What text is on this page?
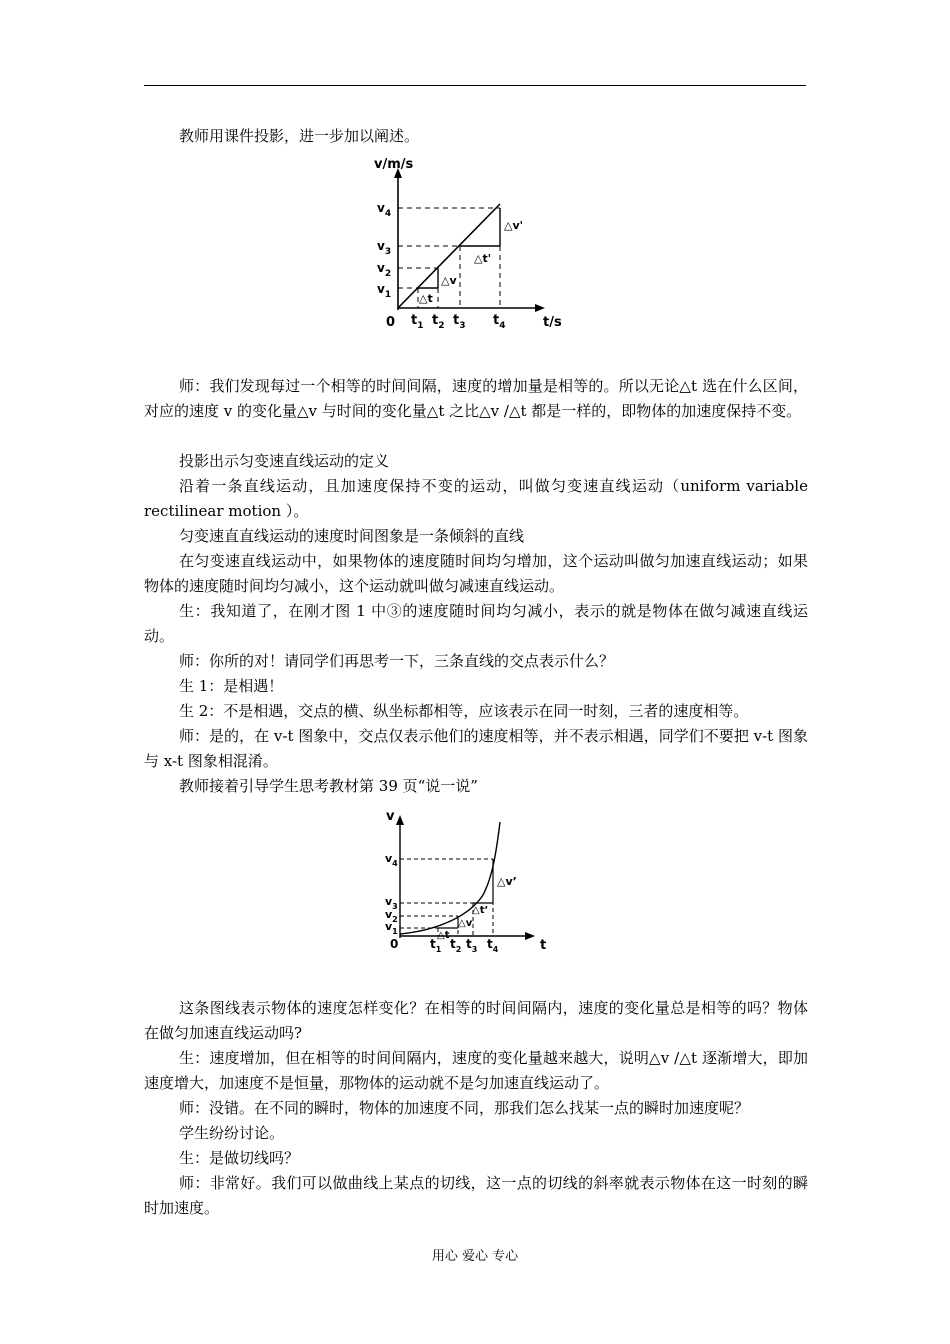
教师用课件投影，进一步加以阐述。

v/m/s
t/s
0
$v_4$
$v_3$
$v_2$
$v_1$
$t_1$ $t_2$ $t_3$ $t_4$
△t
△v
△t'
△v'

师：我们发现每过一个相等的时间间隔，速度的增加量是相等的。所以无论△t 选在什么区间，对应的速度 v 的变化量△v 与时间的变化量△t 之比△v /△t 都是一样的，即物体的加速度保持不变。

投影出示匀变速直线运动的定义

沿着一条直线运动，且加速度保持不变的运动，叫做匀变速直线运动（uniform variable rectilinear motion ）。

匀变速直直线运动的速度时间图象是一条倾斜的直线

在匀变速直线运动中，如果物体的速度随时间均匀增加，这个运动叫做匀加速直线运动；如果物体的速度随时间均匀减小，这个运动就叫做匀减速直线运动。

生：我知道了，在刚才图 1 中③的速度随时间均匀减小，表示的就是物体在做匀减速直线运动。

师：你所的对！请同学们再思考一下，三条直线的交点表示什么？

生 1：是相遇！

生 2：不是相遇，交点的横、纵坐标都相等，应该表示在同一时刻，三者的速度相等。

师：是的，在 v-t 图象中，交点仅表示他们的速度相等，并不表示相遇，同学们不要把 v-t 图象与 x-t 图象相混淆。

教师接着引导学生思考教材第 39 页“说一说”

v
t
0
$v_4$
$v_3$
$v_2$
$v_1$
$t_1$ $t_2$ $t_3$ $t_4$
△t
△v
△t’
△v’

这条图线表示物体的速度怎样变化？在相等的时间间隔内，速度的变化量总是相等的吗？物体在做匀加速直线运动吗?

生：速度增加，但在相等的时间间隔内，速度的变化量越来越大，说明△v /△t 逐渐增大，即加速度增大，加速度不是恒量，那物体的运动就不是匀加速直线运动了。

师：没错。在不同的瞬时，物体的加速度不同，那我们怎么找某一点的瞬时加速度呢？

学生纷纷讨论。

生：是做切线吗？

师：非常好。我们可以做曲线上某点的切线，这一点的切线的斜率就表示物体在这一时刻的瞬时加速度。

用心 爱心 专心
